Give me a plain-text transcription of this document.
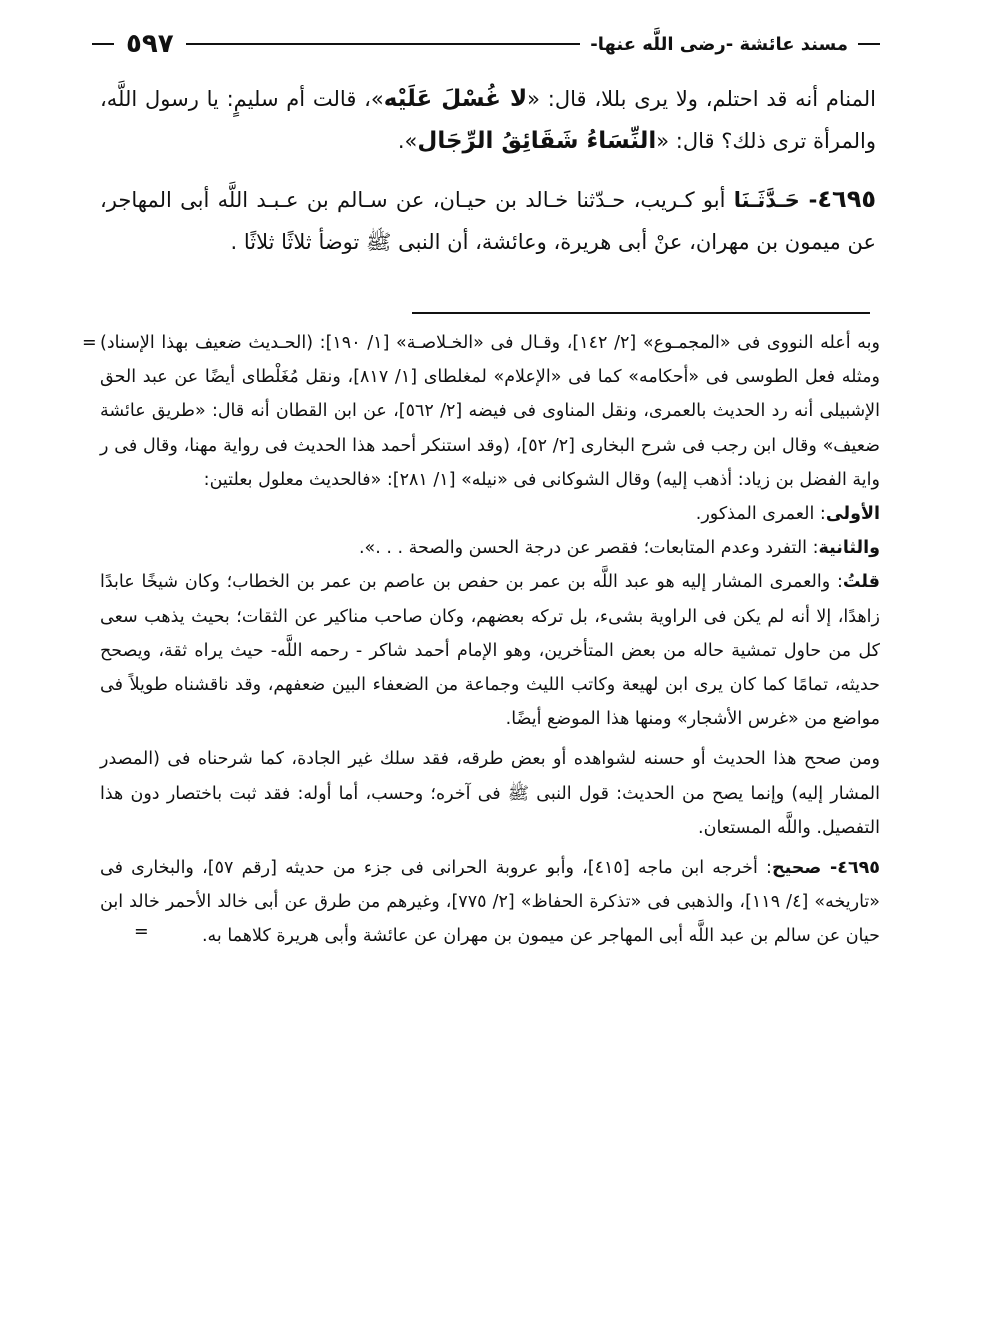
مسند عائشة -رضى اللَّه عنها-
٥٩٧

المنام أنه قد احتلم، ولا يرى بللا، قال: «لا غُسْلَ عَلَيْه»، قالت أم سليمٍ: يا رسول اللَّه، والمرأة ترى ذلك؟ قال: «النِّسَاءُ شَقَائِقُ الرِّجَال».

٤٦٩٥- حَـدَّثَـنَا أبو كـريب، حـدّثنا خـالد بن حيـان، عن سـالم بن عـبـد اللَّه أبى المهاجر، عن ميمون بن مهران، عنْ أبى هريرة، وعائشة، أن النبى ﷺ توضأ ثلاثًا ثلاثًا .

= وبه أعله النووى فى «المجمـوع» [٢/ ١٤٢]، وقـال فى «الخـلاصـة» [١/ ١٩٠]: (الحـديث ضعيف بهذا الإسناد) ومثله فعل الطوسى فى «أحكامه» كما فى «الإعلام» لمغلطاى [١/ ٨١٧]، ونقل مُغَلْطاى أيضًا عن عبد الحق الإشبيلى أنه رد الحديث بالعمرى، ونقل المناوى فى فيضه [٢/ ٥٦٢]، عن ابن القطان أنه قال: «طريق عائشة ضعيف» وقال ابن رجب فى شرح البخارى [٢/ ٥٢]، (وقد استنكر أحمد هذا الحديث فى رواية مهنا، وقال فى ر واية الفضل بن زياد: أذهب إليه) وقال الشوكانى فى «نيله» [١/ ٢٨١]: «فالحديث معلول بعلتين:

الأولى: العمرى المذكور.

والثانية: التفرد وعدم المتابعات؛ فقصر عن درجة الحسن والصحة . . .».

قلتُ: والعمرى المشار إليه هو عبد اللَّه بن عمر بن حفص بن عاصم بن عمر بن الخطاب؛ وكان شيخًا عابدًا زاهدًا، إلا أنه لم يكن فى الراوية بشىء، بل تركه بعضهم، وكان صاحب مناكير عن الثقات؛ بحيث يذهب سعى كل من حاول تمشية حاله من بعض المتأخرين، وهو الإمام أحمد شاكر - رحمه اللَّه- حيث يراه ثقة، ويصحح حديثه، تمامًا كما كان يرى ابن لهيعة وكاتب الليث وجماعة من الضعفاء البين ضعفهم، وقد ناقشناه طويلاً فى مواضع من «غرس الأشجار» ومنها هذا الموضع أيضًا.

ومن صحح هذا الحديث أو حسنه لشواهده أو بعض طرقه، فقد سلك غير الجادة، كما شرحناه فى (المصدر المشار إليه) وإنما يصح من الحديث: قول النبى ﷺ فى آخره؛ وحسب، أما أوله: فقد ثبت باختصار دون هذا التفصيل. واللَّه المستعان.

٤٦٩٥- صحيح: أخرجه ابن ماجه [٤١٥]، وأبو عروبة الحرانى فى جزء من حديثه [رقم ٥٧]، والبخارى فى «تاريخه» [٤/ ١١٩]، والذهبى فى «تذكرة الحفاظ» [٢/ ٧٧٥]، وغيرهم من طرق عن أبى خالد الأحمر خالد ابن حيان عن سالم بن عبد اللَّه أبى المهاجر عن ميمون بن مهران عن عائشة وأبى هريرة كلاهما به.

=
